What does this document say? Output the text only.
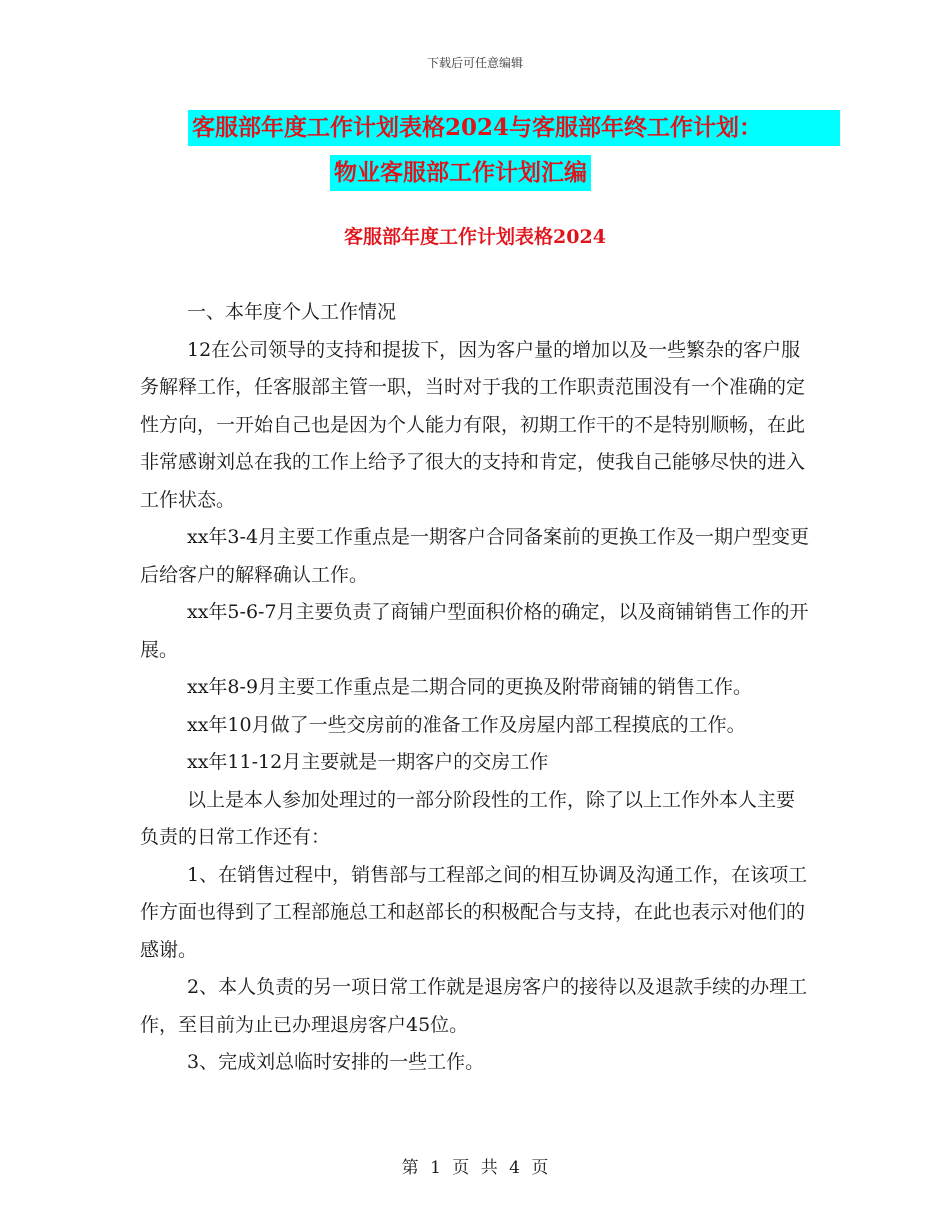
下载后可任意编辑
客服部年度工作计划表格2024与客服部年终工作计划：
物业客服部工作计划汇编
客服部年度工作计划表格2024

一、本年度个人工作情况

12在公司领导的支持和提拔下，因为客户量的增加以及一些繁杂的客户服务解释工作，任客服部主管一职，当时对于我的工作职责范围没有一个准确的定性方向，一开始自己也是因为个人能力有限，初期工作干的不是特别顺畅，在此非常感谢刘总在我的工作上给予了很大的支持和肯定，使我自己能够尽快的进入工作状态。

xx年3-4月主要工作重点是一期客户合同备案前的更换工作及一期户型变更后给客户的解释确认工作。

xx年5-6-7月主要负责了商铺户型面积价格的确定，以及商铺销售工作的开展。

xx年8-9月主要工作重点是二期合同的更换及附带商铺的销售工作。

xx年10月做了一些交房前的准备工作及房屋内部工程摸底的工作。

xx年11-12月主要就是一期客户的交房工作

以上是本人参加处理过的一部分阶段性的工作，除了以上工作外本人主要负责的日常工作还有：

1、在销售过程中，销售部与工程部之间的相互协调及沟通工作，在该项工作方面也得到了工程部施总工和赵部长的积极配合与支持，在此也表示对他们的感谢。

2、本人负责的另一项日常工作就是退房客户的接待以及退款手续的办理工作，至目前为止已办理退房客户45位。

3、完成刘总临时安排的一些工作。

第 1 页 共 4 页
